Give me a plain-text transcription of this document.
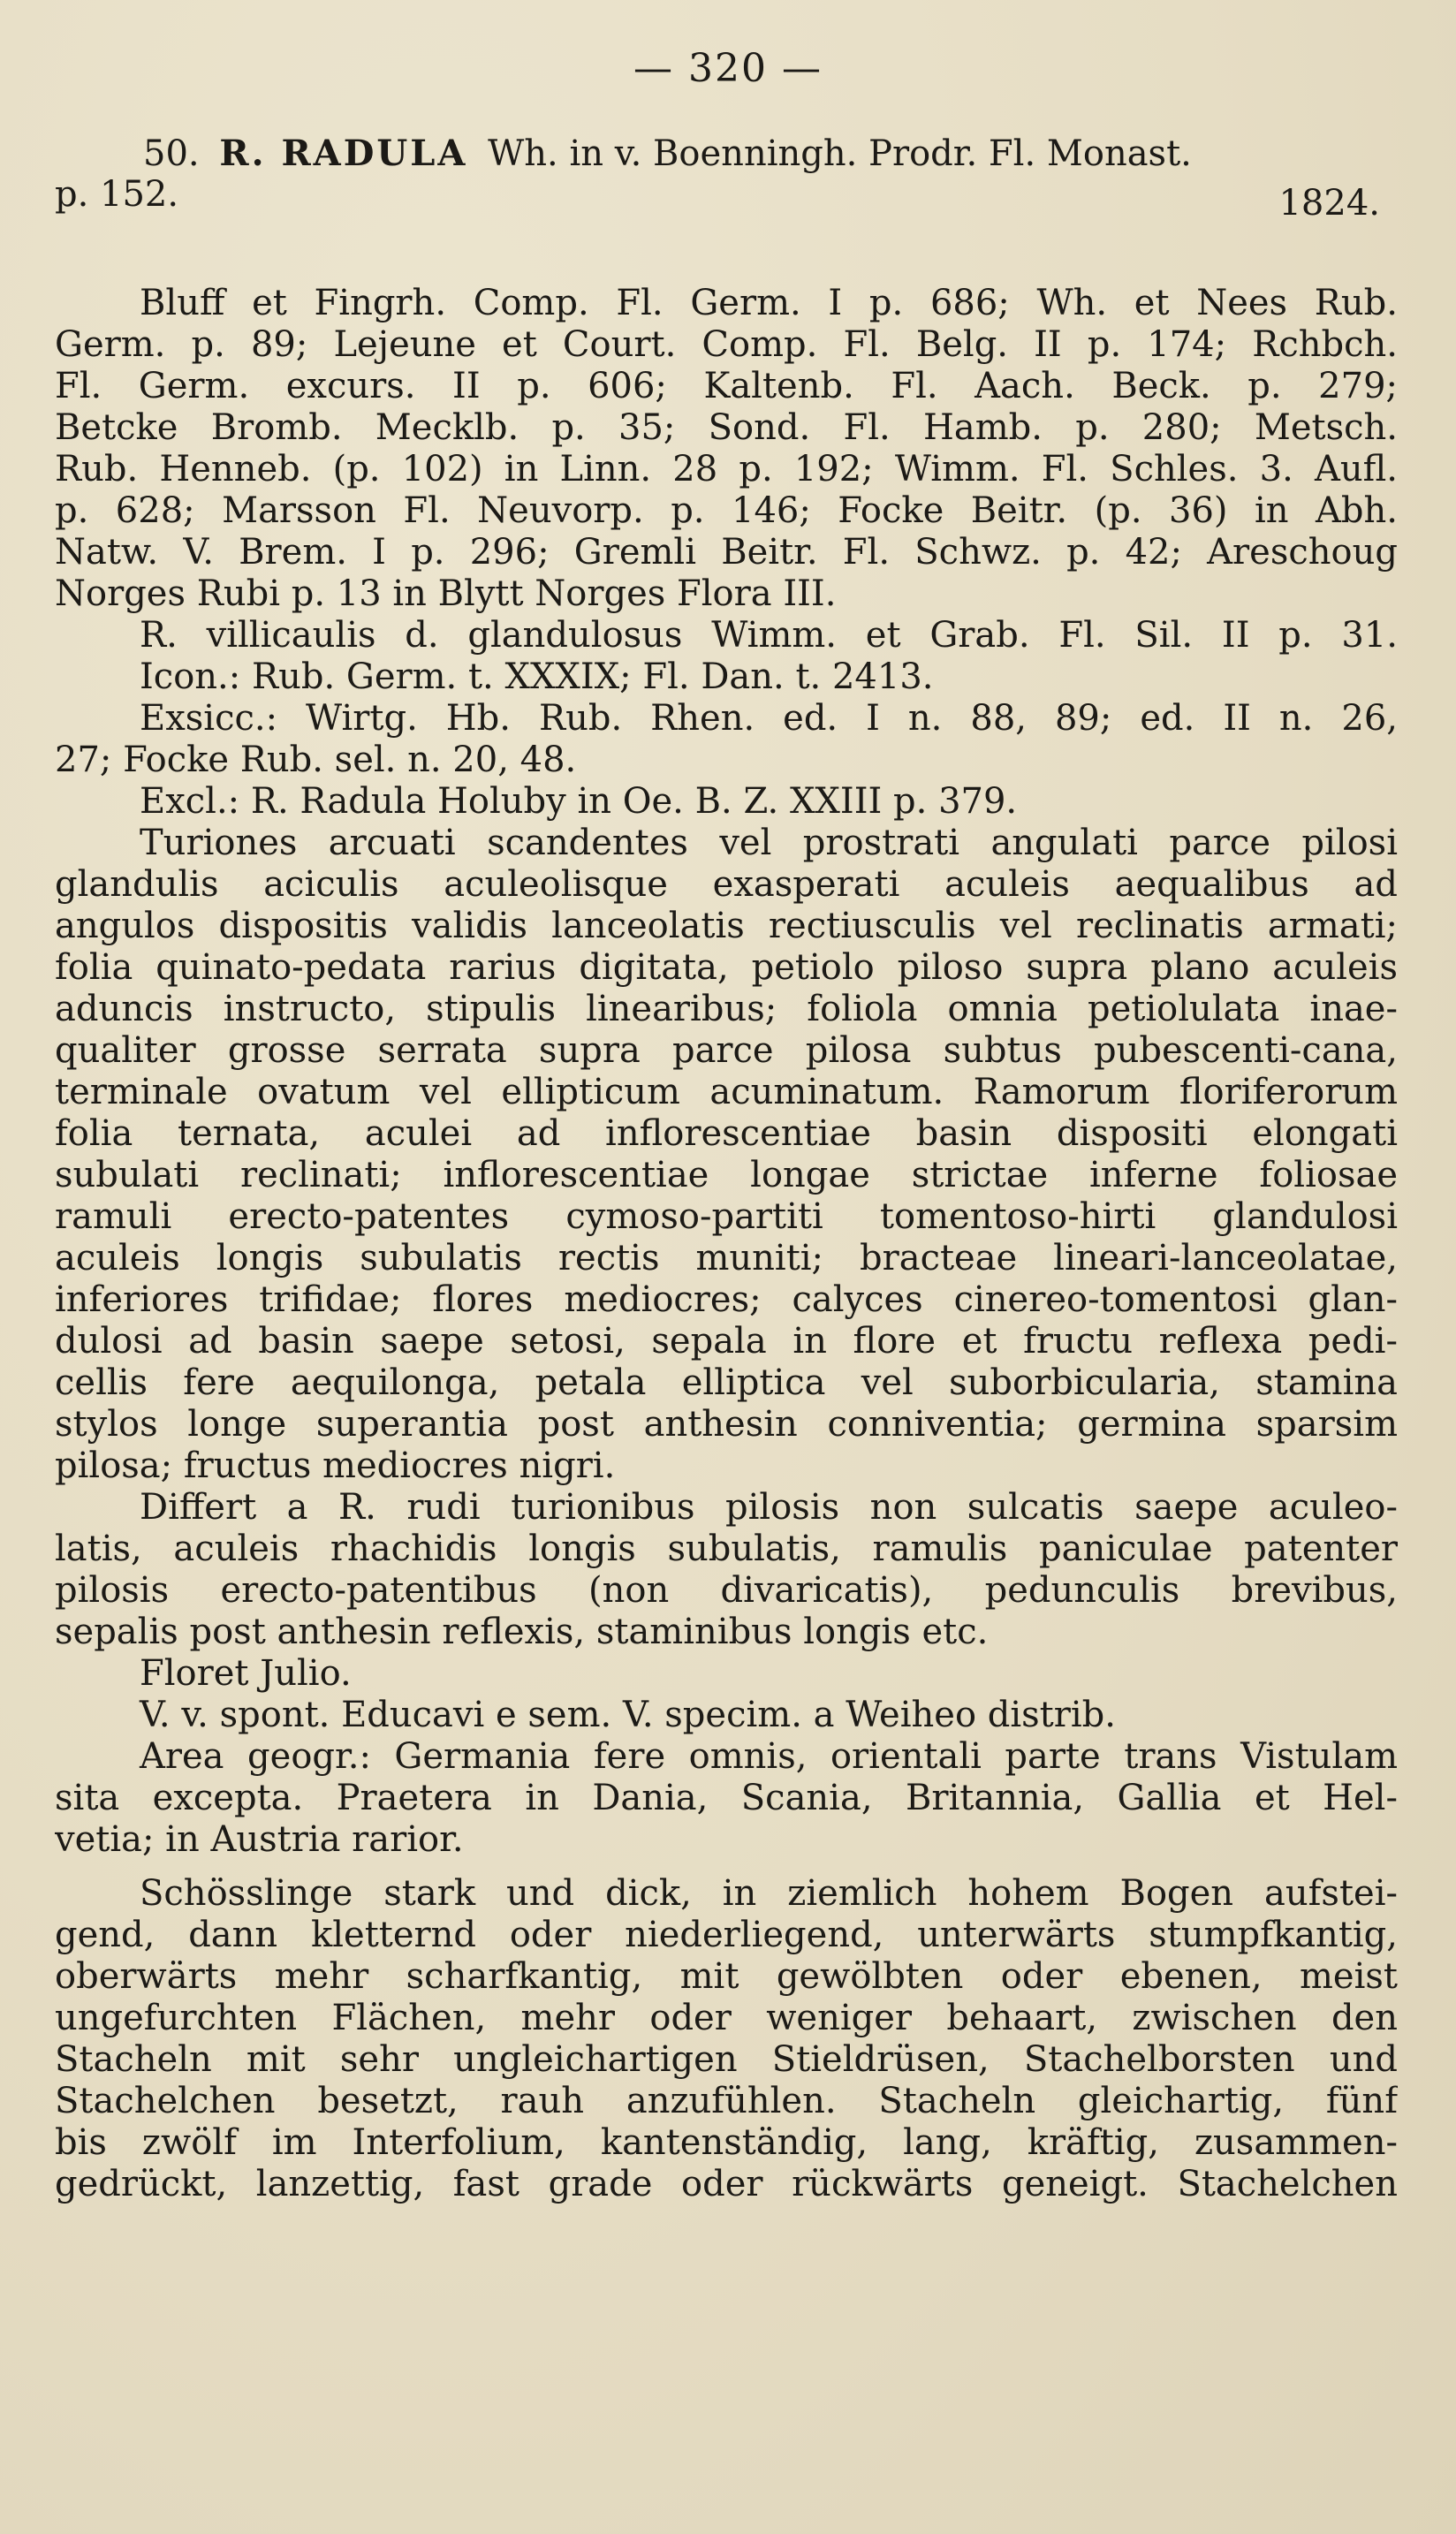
— 320 —
50. R. RADULA Wh. in v. Boenningh. Prodr. Fl. Monast.
p. 152.	1824.
Bluff et Fingrh. Comp. Fl. Germ. I p. 686; Wh. et Nees Rub.
Germ. p. 89; Lejeune et Court. Comp. Fl. Belg. II p. 174; Rchbch.
Fl. Germ. excurs. II p. 606; Kaltenb. Fl. Aach. Beck. p. 279;
Betcke Bromb. Mecklb. p. 35; Sond. Fl. Hamb. p. 280; Metsch.
Rub. Henneb. (p. 102) in Linn. 28 p. 192; Wimm. Fl. Schles. 3. Aufl.
p. 628; Marsson Fl. Neuvorp. p. 146; Focke Beitr. (p. 36) in Abh.
Natw. V. Brem. I p. 296; Gremli Beitr. Fl. Schwz. p. 42; Areschoug
Norges Rubi p. 13 in Blytt Norges Flora III.
R. villicaulis d. glandulosus Wimm. et Grab. Fl. Sil. II p. 31.
Icon.: Rub. Germ. t. XXXIX; Fl. Dan. t. 2413.
Exsicc.: Wirtg. Hb. Rub. Rhen. ed. I n. 88, 89; ed. II n. 26,
27; Focke Rub. sel. n. 20, 48.
Excl.: R. Radula Holuby in Oe. B. Z. XXIII p. 379.
Turiones arcuati scandentes vel prostrati angulati parce pilosi
glandulis aciculis aculeolisque exasperati aculeis aequalibus ad
angulos dispositis validis lanceolatis rectiusculis vel reclinatis armati;
folia quinato-pedata rarius digitata, petiolo piloso supra plano aculeis
aduncis instructo, stipulis linearibus; foliola omnia petiolulata inae-
qualiter grosse serrata supra parce pilosa subtus pubescenti-cana,
terminale ovatum vel ellipticum acuminatum. Ramorum floriferorum
folia ternata, aculei ad inflorescentiae basin dispositi elongati
subulati reclinati; inflorescentiae longae strictae inferne foliosae
ramuli erecto-patentes cymoso-partiti tomentoso-hirti glandulosi
aculeis longis subulatis rectis muniti; bracteae lineari-lanceolatae,
inferiores trifidae; flores mediocres; calyces cinereo-tomentosi glan-
dulosi ad basin saepe setosi, sepala in flore et fructu reflexa pedi-
cellis fere aequilonga, petala elliptica vel suborbicularia, stamina
stylos longe superantia post anthesin conniventia; germina sparsim
pilosa; fructus mediocres nigri.
Differt a R. rudi turionibus pilosis non sulcatis saepe aculeo-
latis, aculeis rhachidis longis subulatis, ramulis paniculae patenter
pilosis erecto-patentibus (non divaricatis), pedunculis brevibus,
sepalis post anthesin reflexis, staminibus longis etc.
Floret Julio.
V. v. spont. Educavi e sem. V. specim. a Weiheo distrib.
Area geogr.: Germania fere omnis, orientali parte trans Vistulam
sita excepta. Praetera in Dania, Scania, Britannia, Gallia et Hel-
vetia; in Austria rarior.
Schösslinge stark und dick, in ziemlich hohem Bogen aufstei-
gend, dann kletternd oder niederliegend, unterwärts stumpfkantig,
oberwärts mehr scharfkantig, mit gewölbten oder ebenen, meist
ungefurchten Flächen, mehr oder weniger behaart, zwischen den
Stacheln mit sehr ungleichartigen Stieldrüsen, Stachelborsten und
Stachelchen besetzt, rauh anzufühlen. Stacheln gleichartig, fünf
bis zwölf im Interfolium, kantenständig, lang, kräftig, zusammen-
gedrückt, lanzettig, fast grade oder rückwärts geneigt. Stachelchen
